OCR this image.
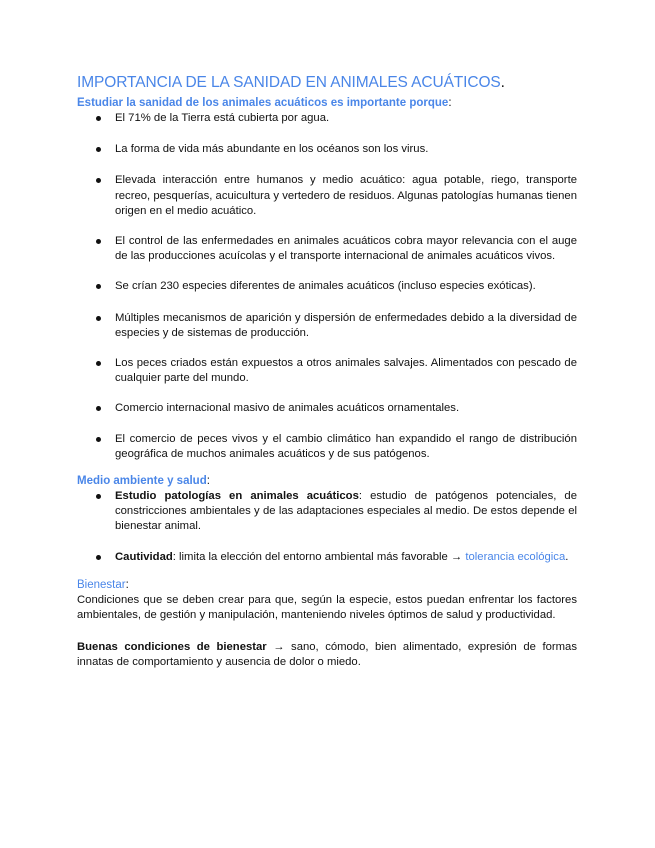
IMPORTANCIA DE LA SANIDAD EN ANIMALES ACUÁTICOS.
Estudiar la sanidad de los animales acuáticos es importante porque:
El 71% de la Tierra está cubierta por agua.
La forma de vida más abundante en los océanos son los virus.
Elevada interacción entre humanos y medio acuático: agua potable, riego, transporte recreo, pesquerías, acuicultura y vertedero de residuos. Algunas patologías humanas tienen origen en el medio acuático.
El control de las enfermedades en animales acuáticos cobra mayor relevancia con el auge de las producciones acuícolas y el transporte internacional de animales acuáticos vivos.
Se crían 230 especies diferentes de animales acuáticos (incluso especies exóticas).
Múltiples mecanismos de aparición y dispersión de enfermedades debido a la diversidad de especies y de sistemas de producción.
Los peces criados están expuestos a otros animales salvajes. Alimentados con pescado de cualquier parte del mundo.
Comercio internacional masivo de animales acuáticos ornamentales.
El comercio de peces vivos y el cambio climático han expandido el rango de distribución geográfica de muchos animales acuáticos y de sus patógenos.
Medio ambiente y salud:
Estudio patologías en animales acuáticos: estudio de patógenos potenciales, de constricciones ambientales y de las adaptaciones especiales al medio. De estos depende el bienestar animal.
Cautividad: limita la elección del entorno ambiental más favorable → tolerancia ecológica.
Bienestar:
Condiciones que se deben crear para que, según la especie, estos puedan enfrentar los factores ambientales, de gestión y manipulación, manteniendo niveles óptimos de salud y productividad.
Buenas condiciones de bienestar → sano, cómodo, bien alimentado, expresión de formas innatas de comportamiento y ausencia de dolor o miedo.
